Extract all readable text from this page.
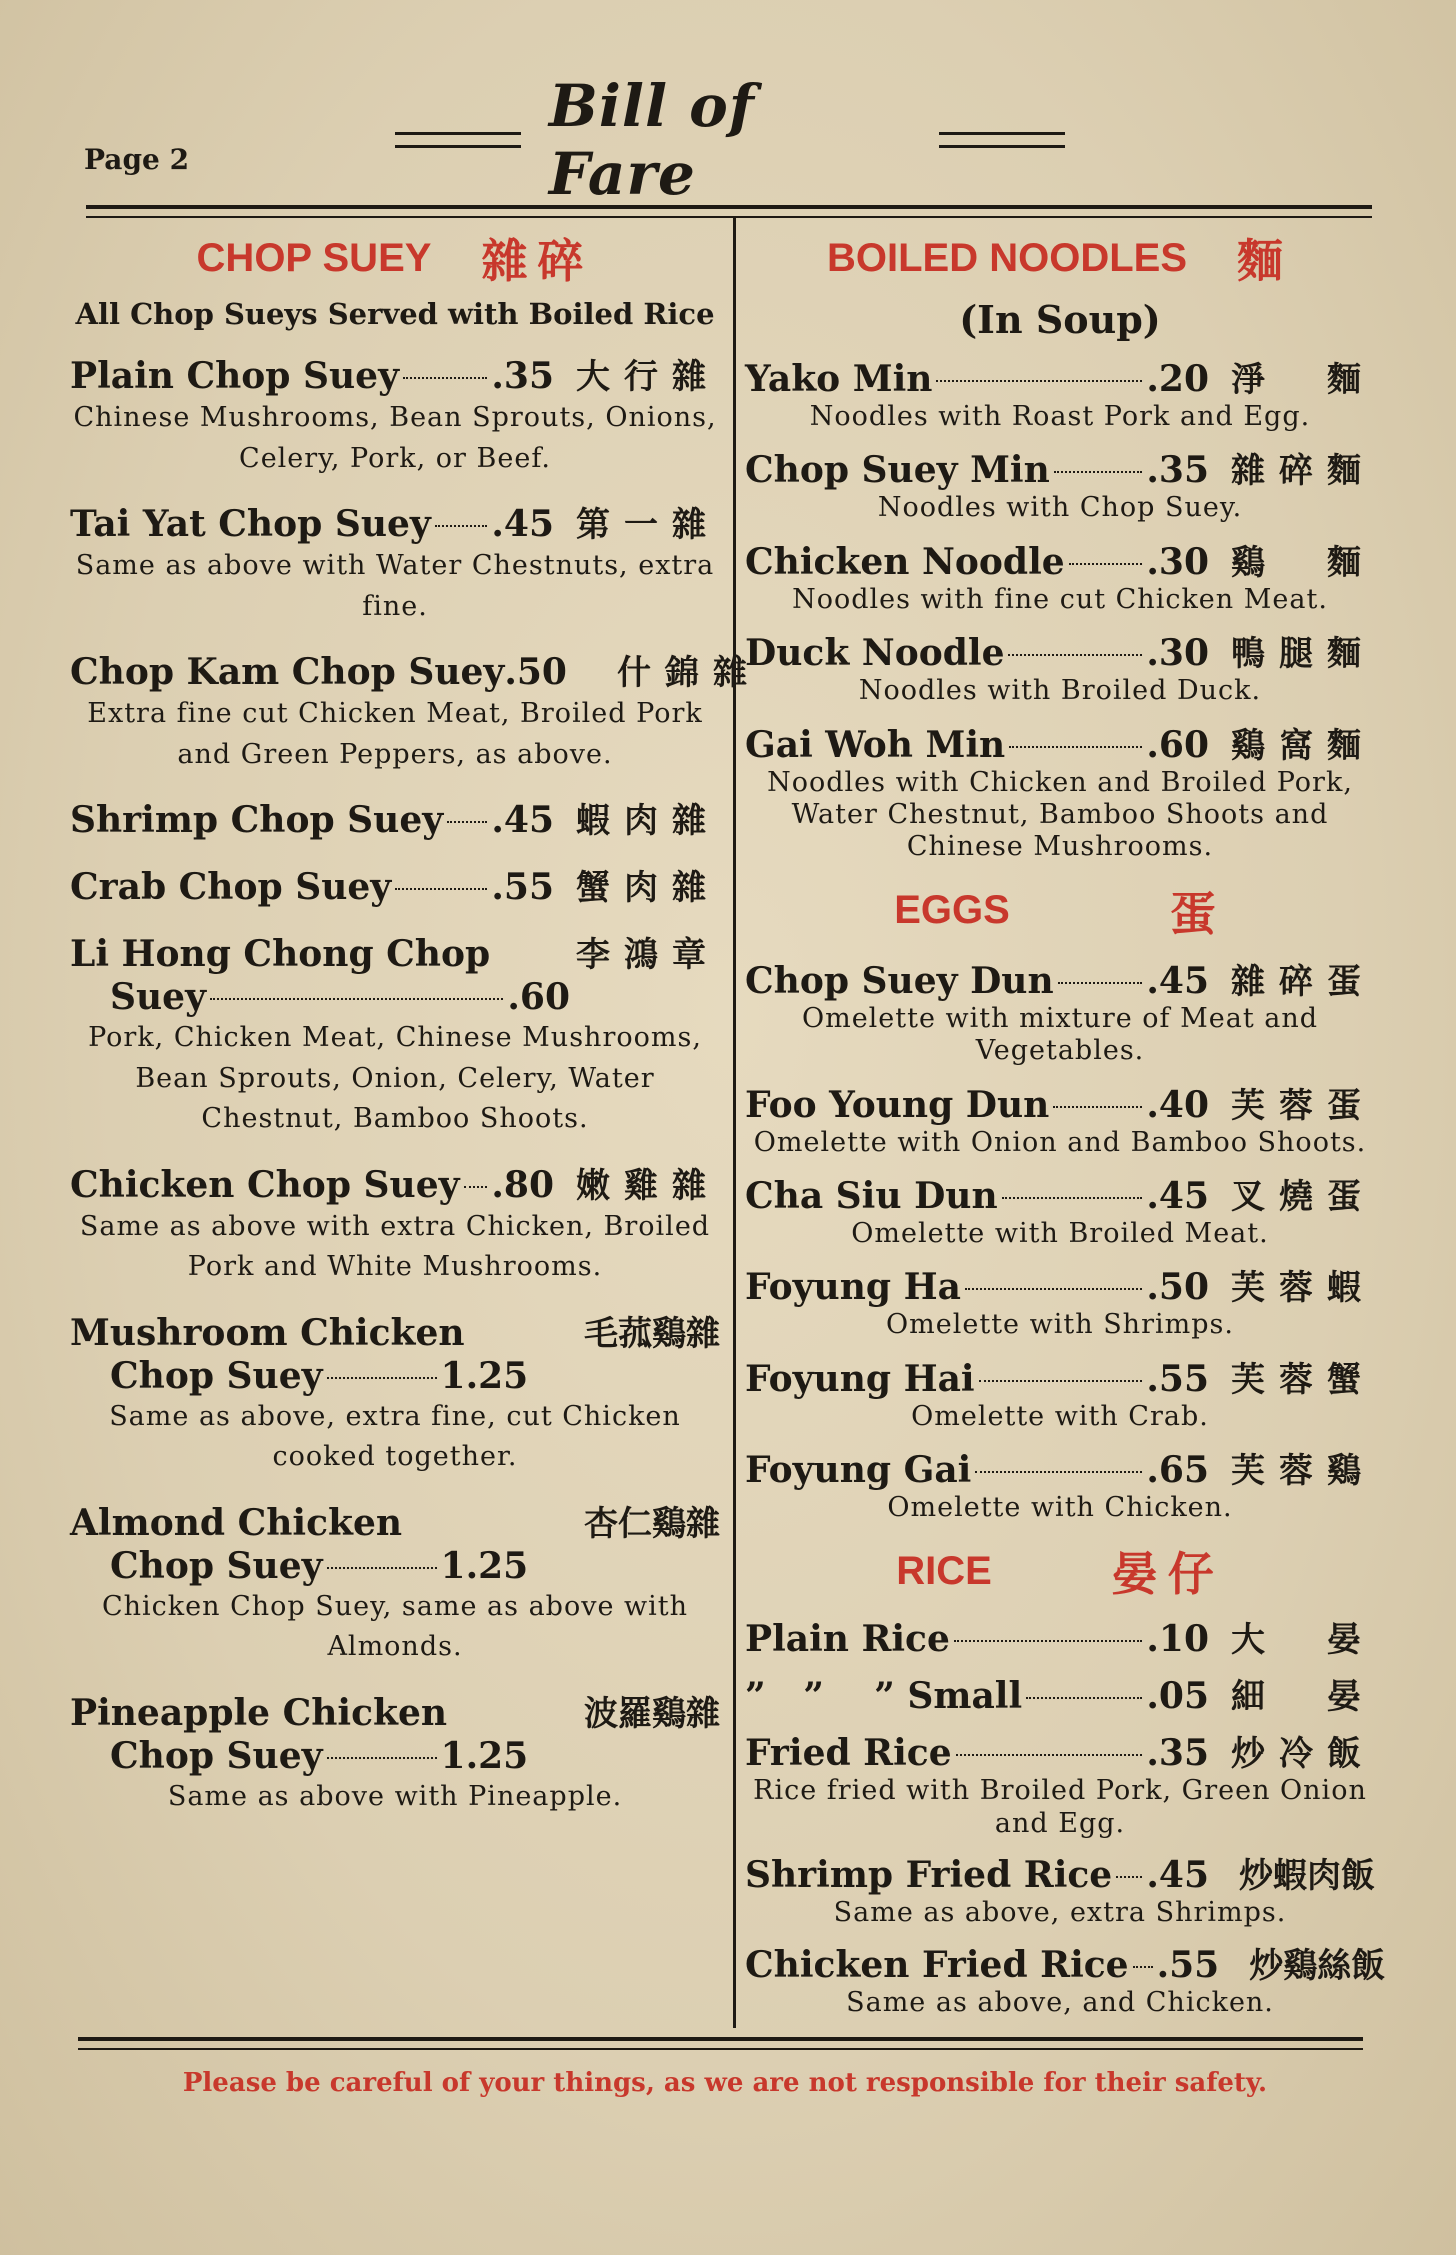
Page 2
Bill of Fare
CHOP SUEY 雜碎
All Chop Sueys Served with Boiled Rice
Plain Chop Suey	.35 大行雜
Chinese Mushrooms, Bean Sprouts, Onions, Celery, Pork, or Beef.
Tai Yat Chop Suey .45 第一雜
Same as above with Water Chestnuts, extra fine.
Chop Kam Chop Suey .50 什錦雜
Extra fine cut Chicken Meat, Broiled Pork and Green Peppers, as above.
Shrimp Chop Suey .45 蝦肉雜
Crab Chop Suey	.55 蟹肉雜
Li Hong Chong Chop	李鴻章
Suey	.60
Pork, Chicken Meat, Chinese Mushrooms, Bean Sprouts, Onion, Celery, Water Chestnut, Bamboo Shoots.
Chicken Chop Suey .80 嫩雞雜
Same as above with extra Chicken, Broiled Pork and White Mushrooms.
Mushroom Chicken	毛菰鷄雜
Chop Suey	1.25
Same as above, extra fine, cut Chicken cooked together.
Almond Chicken	杏仁鷄雜
Chop Suey	1.25
Chicken Chop Suey, same as above with Almonds.
Pineapple Chicken	波羅鷄雜
Chop Suey	1.25
Same as above with Pineapple.
BOILED NOODLES 麵
(In Soup)
Yako Min	.20 淨　麵
Noodles with Roast Pork and Egg.
Chop Suey Min	.35 雜碎麵
Noodles with Chop Suey.
Chicken Noodle .30 鷄　麵
Noodles with fine cut Chicken Meat.
Duck Noodle	.30 鴨腿麵
Noodles with Broiled Duck.
Gai Woh Min	.60 鷄窩麵
Noodles with Chicken and Broiled Pork, Water Chestnut, Bamboo Shoots and Chinese Mushrooms.
EGGS	蛋
Chop Suey Dun	.45 雜碎蛋
Omelette with mixture of Meat and Vegetables.
Foo Young Dun	.40 芙蓉蛋
Omelette with Onion and Bamboo Shoots.
Cha Siu Dun	.45 叉燒蛋
Omelette with Broiled Meat.
Foyung Ha	.50 芙蓉蝦
Omelette with Shrimps.
Foyung Hai	.55 芙蓉蟹
Omelette with Crab.
Foyung Gai	.65 芙蓉鷄
Omelette with Chicken.
RICE	晏仔
Plain Rice	.10 大　晏
”   ”    ” Small	.05 細　晏
Fried Rice	.35 炒冷飯
Rice fried with Broiled Pork, Green Onion and Egg.
Shrimp Fried Rice .45 炒蝦肉飯
Same as above, extra Shrimps.
Chicken Fried Rice .55 炒鷄絲飯
Same as above, and Chicken.
Please be careful of your things, as we are not responsible for their safety.
